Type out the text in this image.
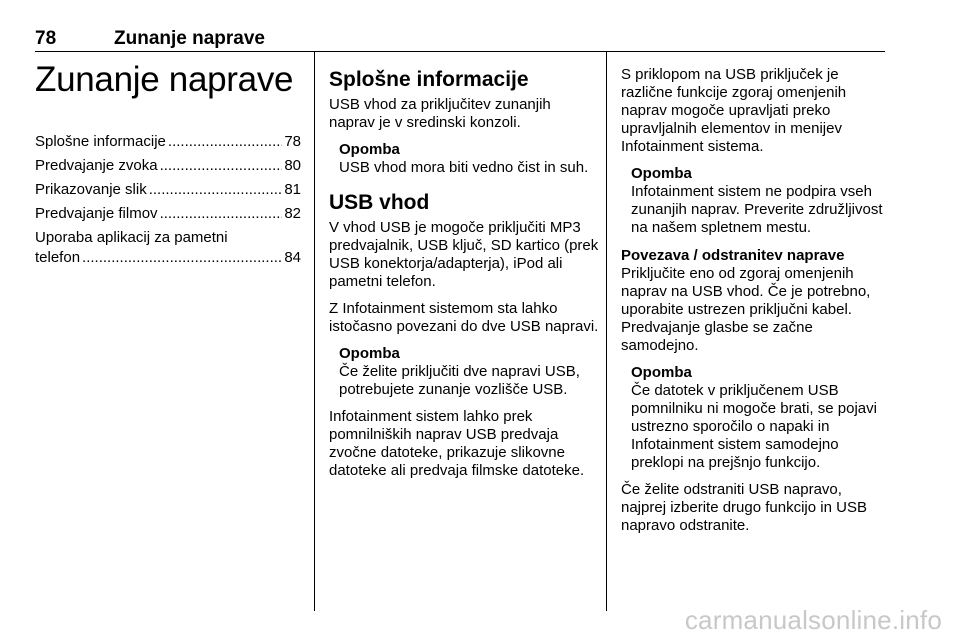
78	Zunanje naprave
Zunanje naprave
Splošne informacije .....	78
Predvajanje zvoka .....	80
Prikazovanje slik .....	81
Predvajanje filmov .....	82
Uporaba aplikacij za pametni
telefon .....	84
Splošne informacije

USB vhod za priključitev zunanjih naprav je v sredinski konzoli.

Opomba
USB vhod mora biti vedno čist in suh.
USB vhod

V vhod USB je mogoče priključiti MP3 predvajalnik, USB ključ, SD kartico (prek USB konektorja/adapterja), iPod ali pametni telefon.

Z Infotainment sistemom sta lahko istočasno povezani do dve USB napravi.

Opomba
Če želite priključiti dve napravi USB, potrebujete zunanje vozlišče USB.

Infotainment sistem lahko prek pomnilniških naprav USB predvaja zvočne datoteke, prikazuje slikovne datoteke ali predvaja filmske datoteke.

S priklopom na USB priključek je različne funkcije zgoraj omenjenih naprav mogoče upravljati preko upravljalnih elementov in menijev Infotainment sistema.

Opomba
Infotainment sistem ne podpira vseh zunanjih naprav. Preverite združljivost na našem spletnem mestu.
Povezava / odstranitev naprave

Priključite eno od zgoraj omenjenih naprav na USB vhod. Če je potrebno, uporabite ustrezen priključni kabel. Predvajanje glasbe se začne samodejno.

Opomba
Če datotek v priključenem USB pomnilniku ni mogoče brati, se pojavi ustrezno sporočilo o napaki in Infotainment sistem samodejno preklopi na prejšnjo funkcijo.

Če želite odstraniti USB napravo, najprej izberite drugo funkcijo in USB napravo odstranite.

carmanualsonline.info
